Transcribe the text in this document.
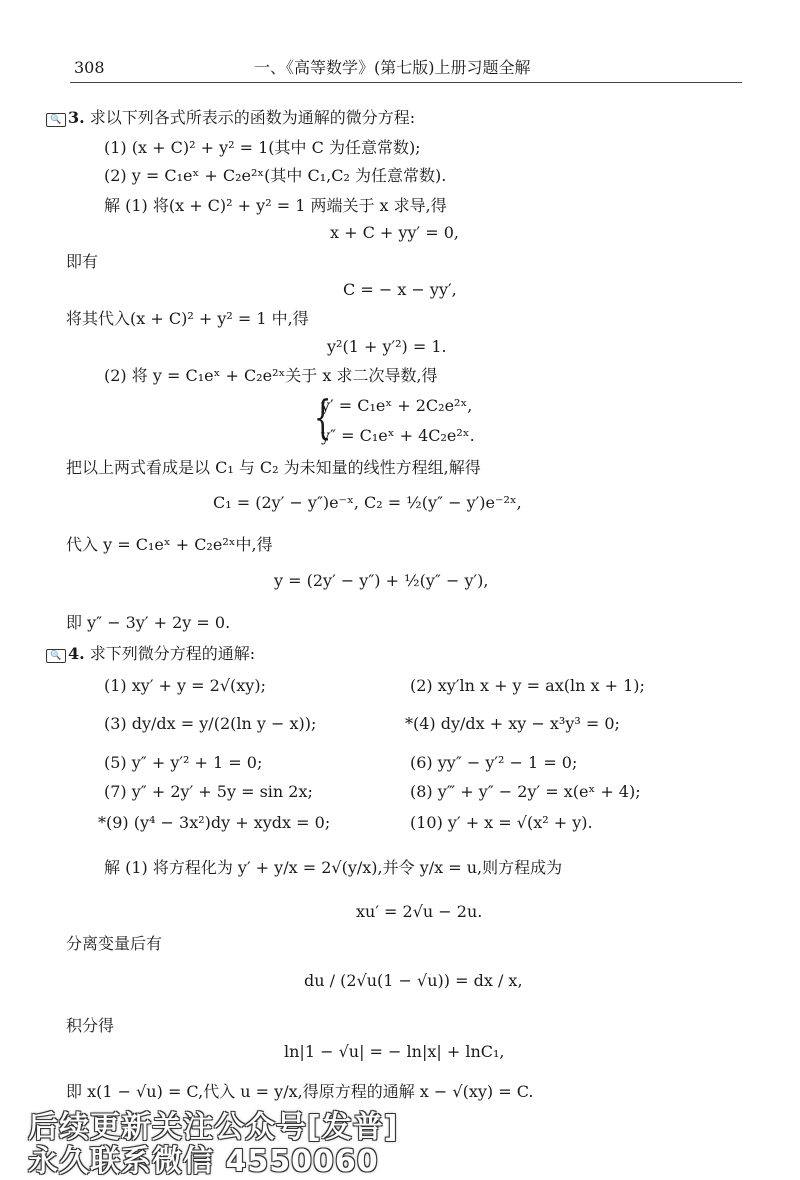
308	一、《高等数学》(第七版)上册习题全解
🔍 3. 求以下列各式所表示的函数为通解的微分方程:
(1) (x + C)² + y² = 1(其中 C 为任意常数);
(2) y = C₁eˣ + C₂e²ˣ(其中 C₁,C₂ 为任意常数).
解 (1) 将(x + C)² + y² = 1 两端关于 x 求导,得
x + C + yy′ = 0,
即有
C = − x − yy′,
将其代入(x + C)² + y² = 1 中,得
y²(1 + y′²) = 1.
(2) 将 y = C₁eˣ + C₂e²ˣ关于 x 求二次导数,得
{
y′ = C₁eˣ + 2C₂e²ˣ,
y″ = C₁eˣ + 4C₂e²ˣ.
把以上两式看成是以 C₁ 与 C₂ 为未知量的线性方程组,解得
C₁ = (2y′ − y″)e⁻ˣ, C₂ = ½(y″ − y′)e⁻²ˣ,
代入 y = C₁eˣ + C₂e²ˣ中,得
y = (2y′ − y″) + ½(y″ − y′),
即 y″ − 3y′ + 2y = 0.
🔍 4. 求下列微分方程的通解:
(1) xy′ + y = 2√(xy);	(2) xy′ln x + y = ax(ln x + 1);
(3) dy/dx = y/(2(ln y − x));	*(4) dy/dx + xy − x³y³ = 0;
(5) y″ + y′² + 1 = 0;	(6) yy″ − y′² − 1 = 0;
(7) y″ + 2y′ + 5y = sin 2x;	(8) y‴ + y″ − 2y′ = x(eˣ + 4);
*(9) (y⁴ − 3x²)dy + xydx = 0;	(10) y′ + x = √(x² + y).
解 (1) 将方程化为 y′ + y/x = 2√(y/x),并令 y/x = u,则方程成为
xu′ = 2√u − 2u.
分离变量后有
du / (2√u(1 − √u)) = dx / x,
积分得
ln|1 − √u| = − ln|x| + lnC₁,
即 x(1 − √u) = C,代入 u = y/x,得原方程的通解 x − √(xy) = C.
后续更新关注公众号[发普]
永久联系微信 4550060
